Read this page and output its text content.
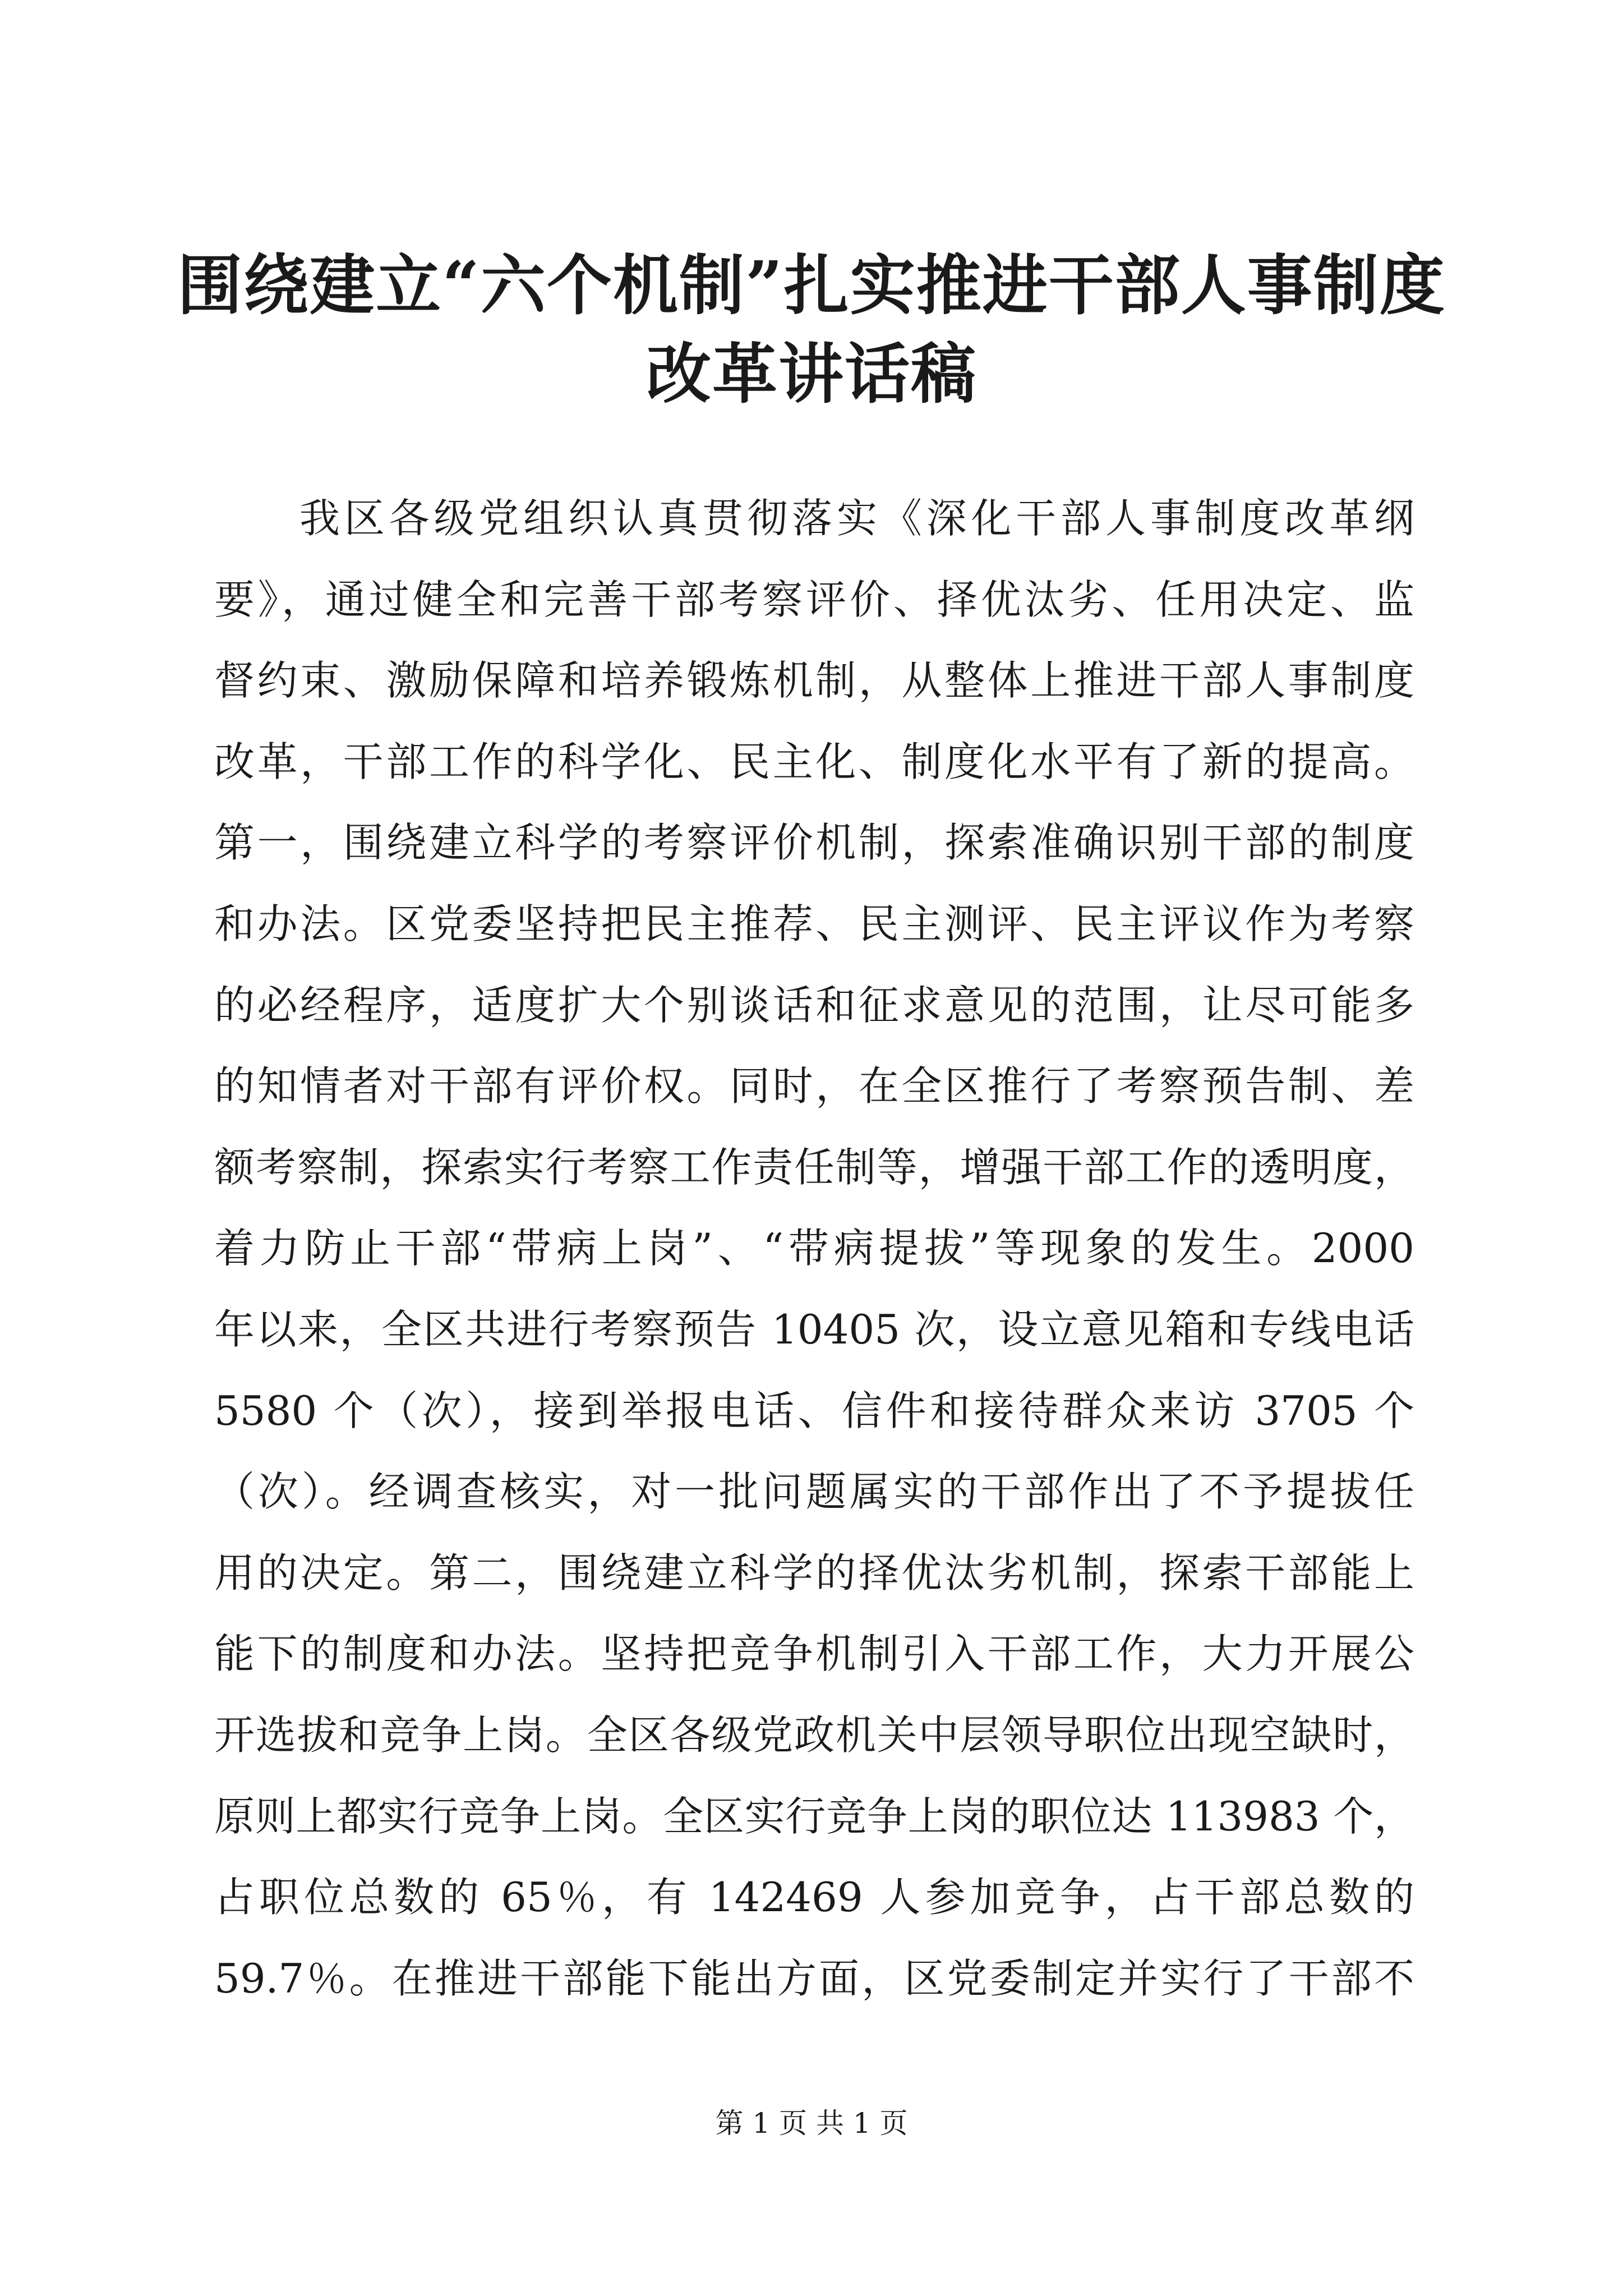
围绕建立“六个机制”扎实推进干部人事制度
改革讲话稿
我区各级党组织认真贯彻落实《深化干部人事制度改革纲
要》，通过健全和完善干部考察评价、择优汰劣、任用决定、监
督约束、激励保障和培养锻炼机制，从整体上推进干部人事制度
改革，干部工作的科学化、民主化、制度化水平有了新的提高。
第一，围绕建立科学的考察评价机制，探索准确识别干部的制度
和办法。区党委坚持把民主推荐、民主测评、民主评议作为考察
的必经程序，适度扩大个别谈话和征求意见的范围，让尽可能多
的知情者对干部有评价权。同时，在全区推行了考察预告制、差
额考察制，探索实行考察工作责任制等，增强干部工作的透明度，
着力防止干部“带病上岗”、“带病提拔”等现象的发生。2000
年以来，全区共进行考察预告 10405 次，设立意见箱和专线电话
5580 个（次），接到举报电话、信件和接待群众来访 3705 个
（次）。经调查核实，对一批问题属实的干部作出了不予提拔任
用的决定。第二，围绕建立科学的择优汰劣机制，探索干部能上
能下的制度和办法。坚持把竞争机制引入干部工作，大力开展公
开选拔和竞争上岗。全区各级党政机关中层领导职位出现空缺时，
原则上都实行竞争上岗。全区实行竞争上岗的职位达 113983 个，
占职位总数的 65％，有 142469 人参加竞争，占干部总数的
59.7％。在推进干部能下能出方面，区党委制定并实行了干部不
第 1 页 共 1 页
